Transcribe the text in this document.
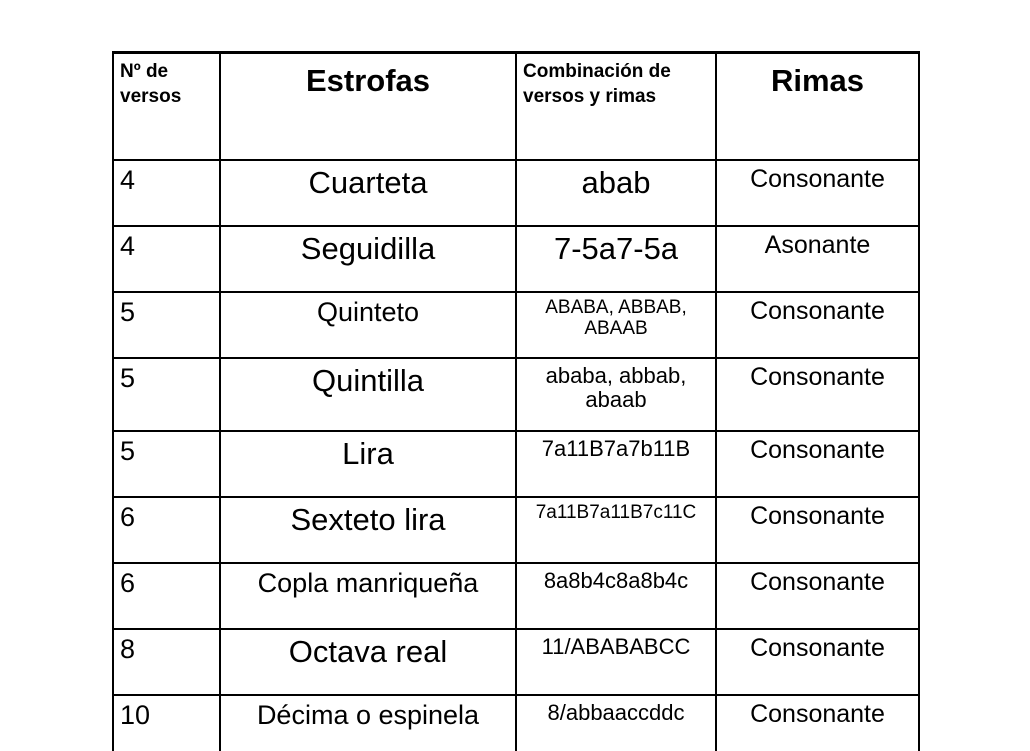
Nº de versos	Estrofas	Combinación de versos y rimas	Rimas
4	Cuarteta	abab	Consonante
4	Seguidilla	7-5a7-5a	Asonante
5	Quinteto	ABABA, ABBAB, ABAAB	Consonante
5	Quintilla	ababa, abbab, abaab	Consonante
5	Lira	7a11B7a7b11B	Consonante
6	Sexteto lira	7a11B7a11B7c11C	Consonante
6	Copla manriqueña	8a8b4c8a8b4c	Consonante
8	Octava real	11/ABABABCC	Consonante
10	Décima o espinela	8/abbaaccddc	Consonante
